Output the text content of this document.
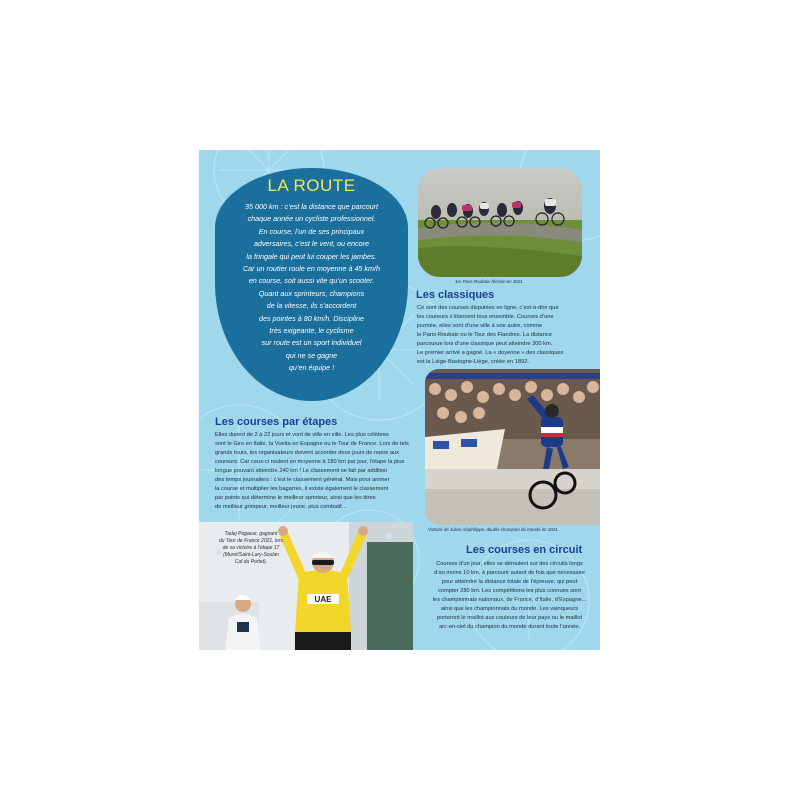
LA ROUTE

35 000 km : c’est la distance que parcourt
chaque année un cycliste professionnel.
En course, l’un de ses principaux
adversaires, c’est le vent, ou encore
la fringale qui peut lui couper les jambes.
Car un routier roule en moyenne à 45 km/h
en course, soit aussi vite qu’un scooter.
Quant aux sprinteurs, champions
de la vitesse, ils s’accordent
des pointes à 80 km/h. Discipline
très exigeante, le cyclisme
sur route est un sport individuel
qui ne se gagne
qu’en équipe !

1er Paris-Roubaix féminin en 2021.
Les classiques

Ce sont des courses disputées en ligne, c’est-à-dire que
les coureurs s’élancent tous ensemble. Courses d’une
journée, elles vont d’une ville à une autre, comme
le Paris-Roubaix ou le Tour des Flandres. La distance
parcourue lors d’une classique peut atteindre 300 km.
Le premier arrivé a gagné. La « doyenne » des classiques
est la Liège-Bastogne-Liège, créée en 1892.

Victoire de Julian Alaphilippe, double champion du monde en 2021.
Les courses par étapes

Elles durent de 2 à 22 jours et vont de ville en ville. Les plus célèbres
sont le Giro en Italie, la Vuelta en Espagne ou le Tour de France. Lors de tels
grands tours, les organisateurs doivent accorder deux jours de repos aux
coureurs. Car ceux-ci roulent en moyenne à 180 km par jour, l’étape la plus
longue pouvant atteindre 240 km ! Le classement se fait par addition
des temps journaliers : c’est le classement général. Mais pour animer
la course et multiplier les bagarres, il existe également le classement
par points qui détermine le meilleur sprinteur, ainsi que les titres
de meilleur grimpeur, meilleur jeune, plus combatif...

UAE

Tadej Pogacar, gagnant
du Tour de France 2021, lors
de sa victoire à l’étape 17
(Muret/Saint-Lary-Soulan
Col du Portet).

Les courses en circuit

Courses d’un jour, elles se déroulent sur des circuits longs
d’au moins 10 km, à parcourir autant de fois que nécessaire
pour atteindre la distance totale de l’épreuve, qui peut
compter 280 km. Les compétitions les plus connues sont
les championnats nationaux, de France, d’Italie, d’Espagne...
ainsi que les championnats du monde. Les vainqueurs
porteront le maillot aux couleurs de leur pays ou le maillot
arc-en-ciel du champion du monde durant toute l’année.
